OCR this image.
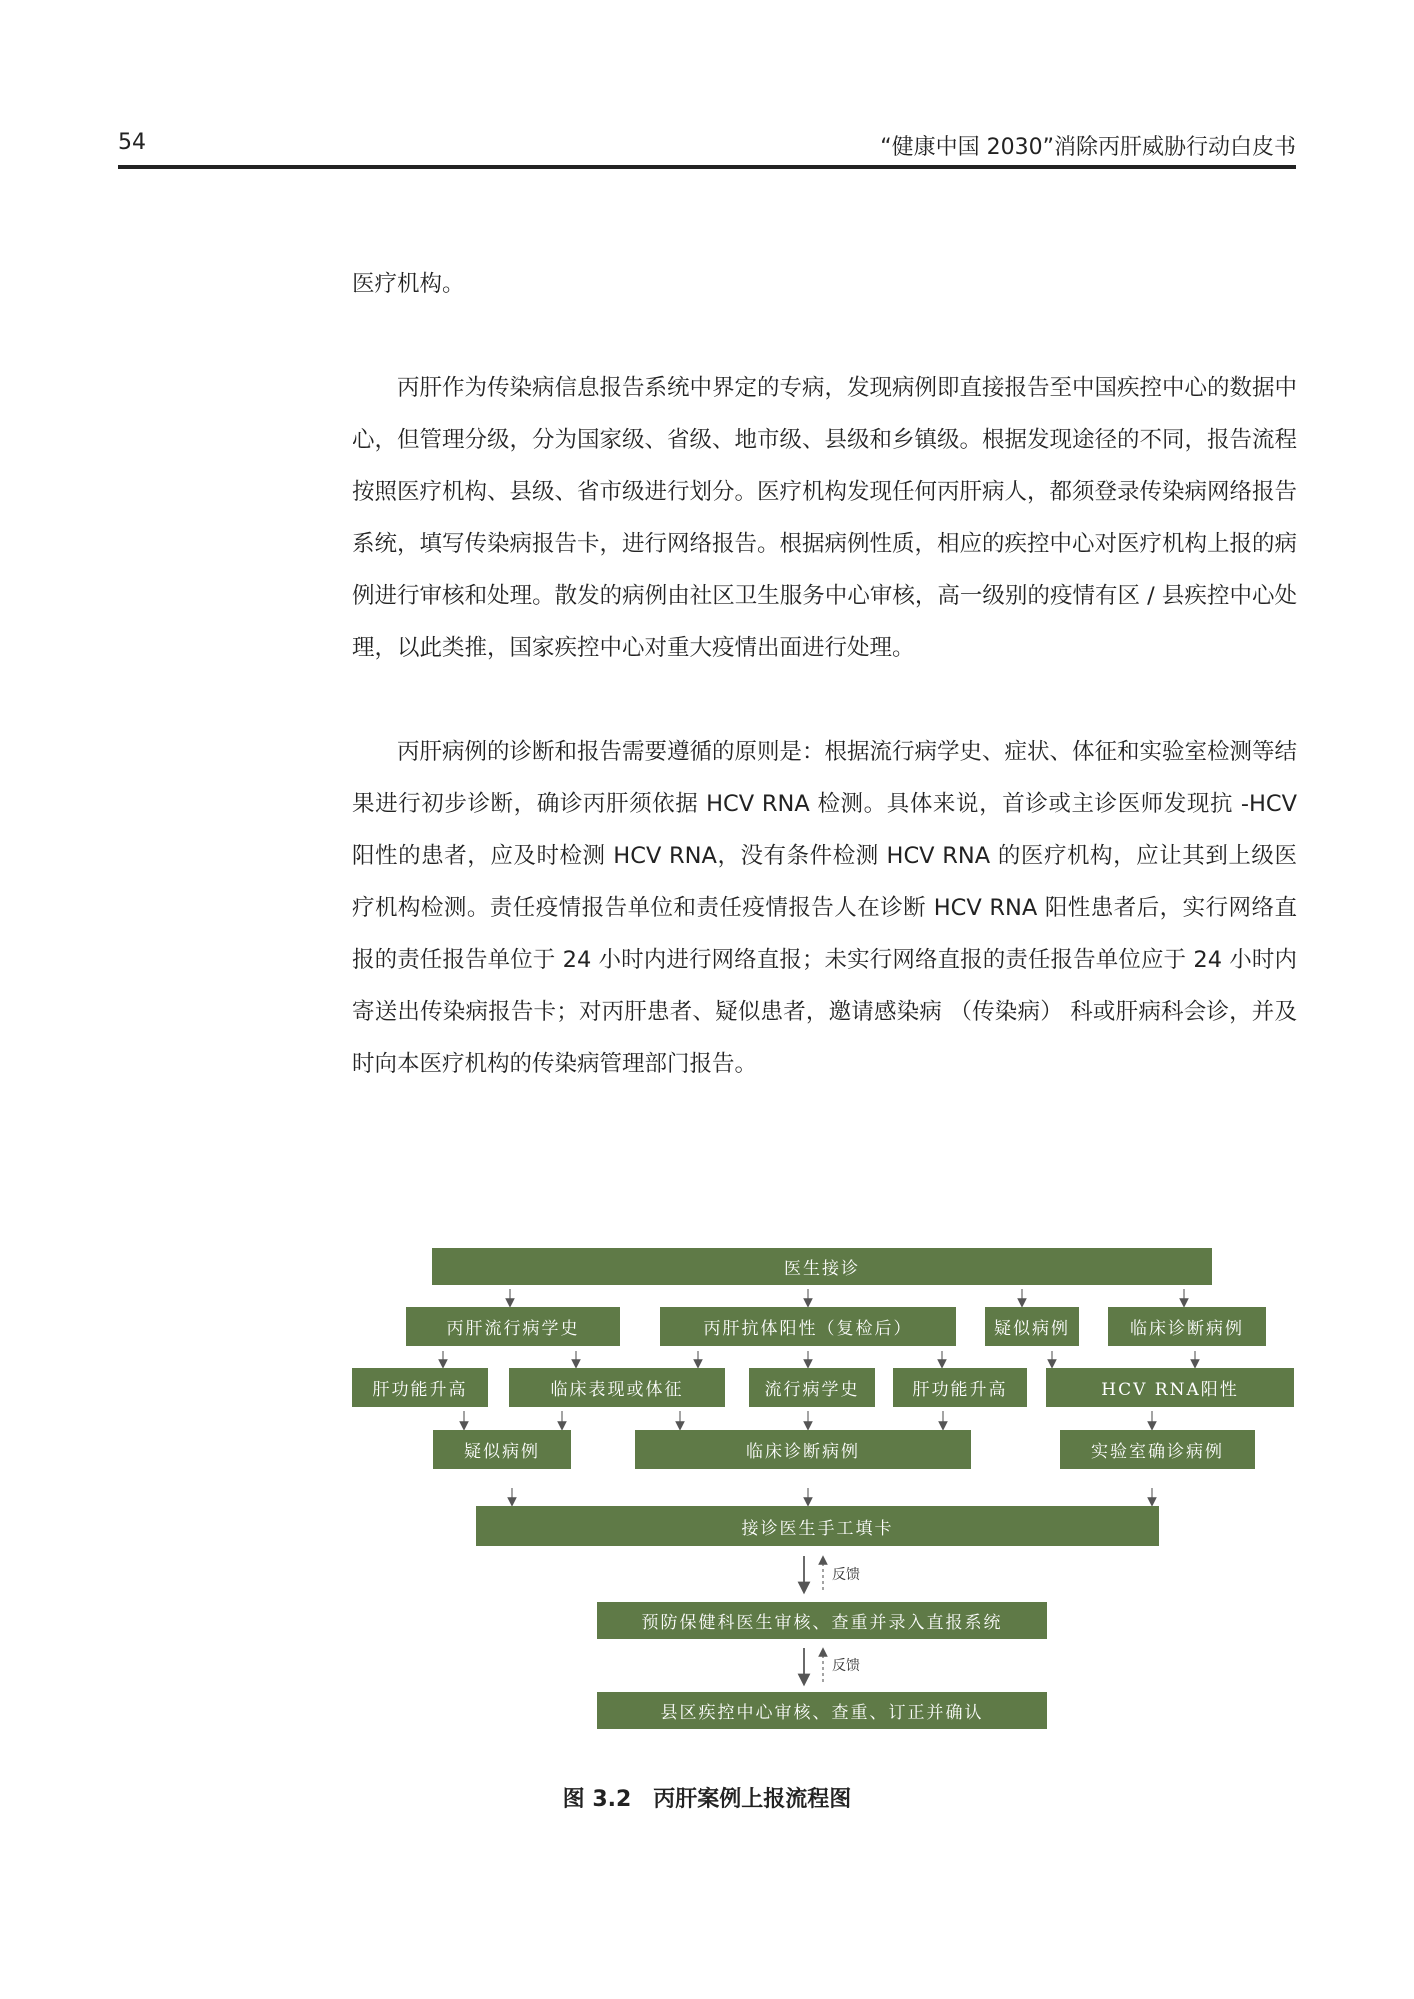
54	“健康中国 2030”消除丙肝威胁行动白皮书

医疗机构。

丙肝作为传染病信息报告系统中界定的专病，发现病例即直接报告至中国疾控中心的数据中心，但管理分级，分为国家级、省级、地市级、县级和乡镇级。根据发现途径的不同，报告流程按照医疗机构、县级、省市级进行划分。医疗机构发现任何丙肝病人，都须登录传染病网络报告系统，填写传染病报告卡，进行网络报告。根据病例性质，相应的疾控中心对医疗机构上报的病例进行审核和处理。散发的病例由社区卫生服务中心审核，高一级别的疫情有区 / 县疾控中心处理，以此类推，国家疾控中心对重大疫情出面进行处理。

丙肝病例的诊断和报告需要遵循的原则是：根据流行病学史、症状、体征和实验室检测等结果进行初步诊断，确诊丙肝须依据 HCV RNA 检测。具体来说，首诊或主诊医师发现抗 -HCV 阳性的患者，应及时检测 HCV RNA，没有条件检测 HCV RNA 的医疗机构，应让其到上级医疗机构检测。责任疫情报告单位和责任疫情报告人在诊断 HCV RNA 阳性患者后，实行网络直报的责任报告单位于 24 小时内进行网络直报；未实行网络直报的责任报告单位应于 24 小时内寄送出传染病报告卡；对丙肝患者、疑似患者，邀请感染病 （传染病） 科或肝病科会诊，并及时向本医疗机构的传染病管理部门报告。

医生接诊
丙肝流行病学史	丙肝抗体阳性（复检后）	疑似病例	临床诊断病例
肝功能升高	临床表现或体征	流行病学史	肝功能升高	HCV RNA阳性
疑似病例	临床诊断病例	实验室确诊病例
接诊医生手工填卡
反馈
预防保健科医生审核、查重并录入直报系统
反馈
县区疾控中心审核、查重、订正并确认
图 3.2　丙肝案例上报流程图
